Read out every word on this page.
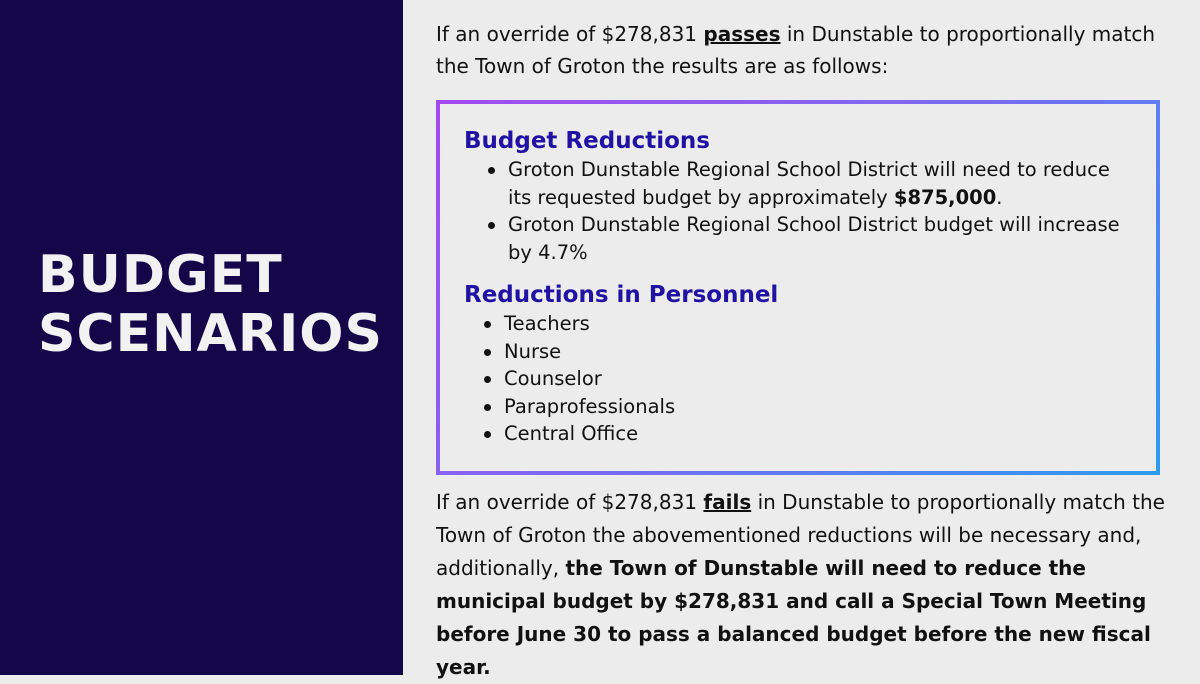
BUDGET
SCENARIOS

If an override of $278,831 passes in Dunstable to proportionally match the Town of Groton the results are as follows:

Budget Reductions
Groton Dunstable Regional School District will need to reduce its requested budget by approximately $875,000.
Groton Dunstable Regional School District budget will increase by 4.7%
Reductions in Personnel
Teachers
Nurse
Counselor
Paraprofessionals
Central Office

If an override of $278,831 fails in Dunstable to proportionally match the Town of Groton the abovementioned reductions will be necessary and, additionally, the Town of Dunstable will need to reduce the municipal budget by $278,831 and call a Special Town Meeting before June 30 to pass a balanced budget before the new fiscal year.
